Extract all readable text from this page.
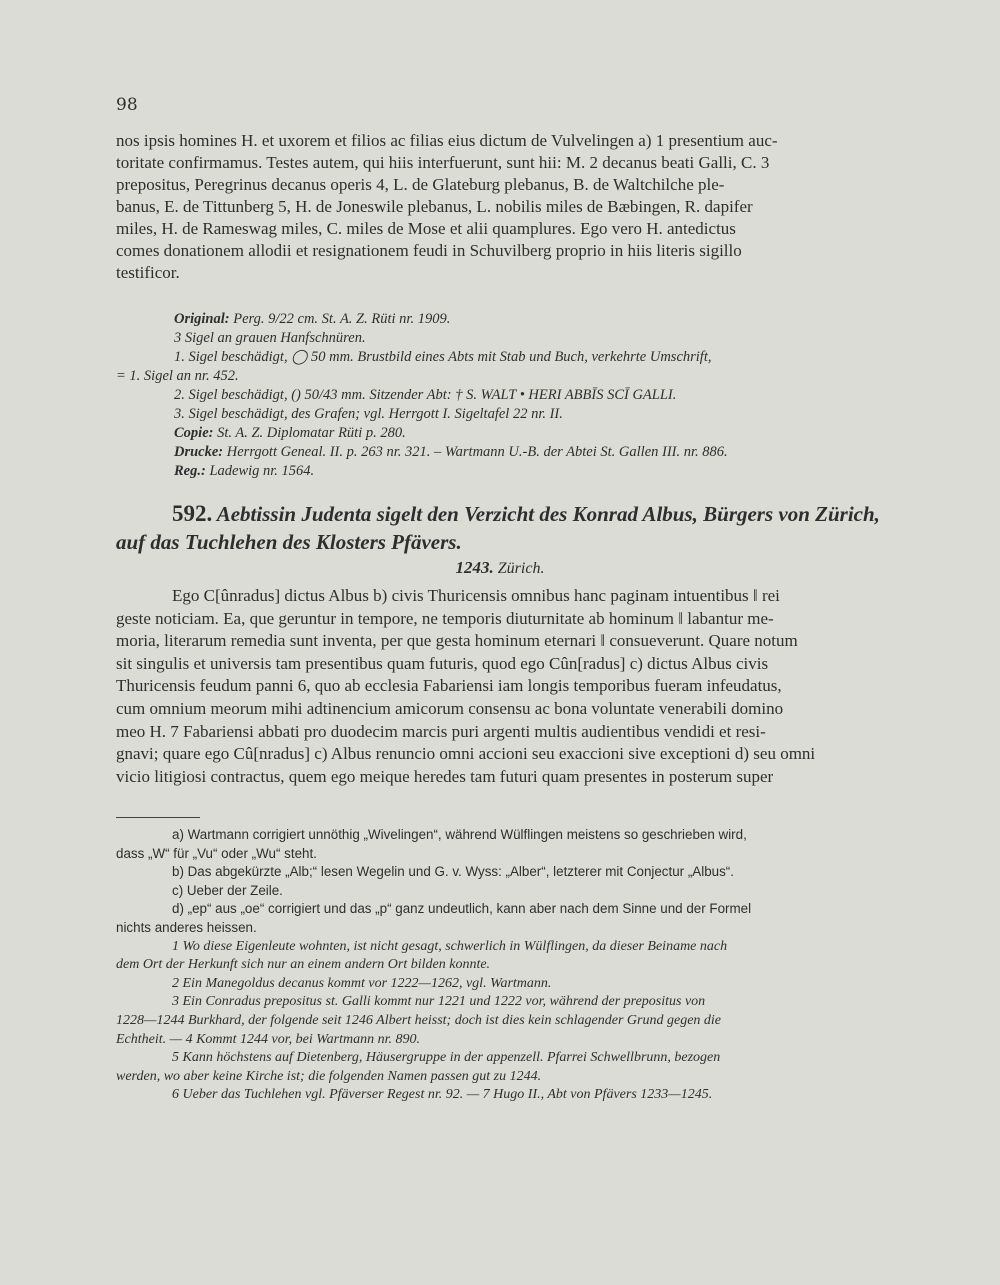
98

nos ipsis homines H. et uxorem et filios ac filias eius dictum de Vulvelingen a) 1 presentium auc-
toritate confirmamus. Testes autem, qui hiis interfuerunt, sunt hii: M. 2 decanus beati Galli, C. 3
prepositus, Peregrinus decanus operis 4, L. de Glateburg plebanus, B. de Waltchilche ple-
banus, E. de Tittunberg 5, H. de Joneswile plebanus, L. nobilis miles de Bæbingen, R. dapifer
miles, H. de Rameswag miles, C. miles de Mose et alii quamplures. Ego vero H. antedictus
comes donationem allodii et resignationem feudi in Schuvilberg proprio in hiis literis sigillo
testificor.

Original: Perg. 9/22 cm. St. A. Z. Rüti nr. 1909.
3 Sigel an grauen Hanfschnüren.
1. Sigel beschädigt, ◯ 50 mm. Brustbild eines Abts mit Stab und Buch, verkehrte Umschrift,
= 1. Sigel an nr. 452.
2. Sigel beschädigt, () 50/43 mm. Sitzender Abt: † S. WALT • HERI ABBĪS SCĪ GALLI.
3. Sigel beschädigt, des Grafen; vgl. Herrgott I. Sigeltafel 22 nr. II.
Copie: St. A. Z. Diplomatar Rüti p. 280.
Drucke: Herrgott Geneal. II. p. 263 nr. 321. – Wartmann U.-B. der Abtei St. Gallen III. nr. 886.
Reg.: Ladewig nr. 1564.
592. Aebtissin Judenta sigelt den Verzicht des Konrad Albus, Bürgers von Zürich,
auf das Tuchlehen des Klosters Pfävers.

1243. Zürich.

Ego C[ûnradus] dictus Albus b) civis Thuricensis omnibus hanc paginam intuentibus ‖ rei
geste noticiam. Ea, que geruntur in tempore, ne temporis diuturnitate ab hominum ‖ labantur me-
moria, literarum remedia sunt inventa, per que gesta hominum eternari ‖ consueverunt. Quare notum
sit singulis et universis tam presentibus quam futuris, quod ego Cûn[radus] c) dictus Albus civis
Thuricensis feudum panni 6, quo ab ecclesia Fabariensi iam longis temporibus fueram infeudatus,
cum omnium meorum mihi adtinencium amicorum consensu ac bona voluntate venerabili domino
meo H. 7 Fabariensi abbati pro duodecim marcis puri argenti multis audientibus vendidi et resi-
gnavi; quare ego Cû[nradus] c) Albus renuncio omni accioni seu exaccioni sive exceptioni d) seu omni
vicio litigiosi contractus, quem ego meique heredes tam futuri quam presentes in posterum super

a) Wartmann corrigiert unnöthig „Wivelingen“, während Wülflingen meistens so geschrieben wird,
dass „W“ für „Vu“ oder „Wu“ steht.
b) Das abgekürzte „Alb;“ lesen Wegelin und G. v. Wyss: „Alber“, letzterer mit Conjectur „Albus“.
c) Ueber der Zeile.
d) „ep“ aus „oe“ corrigiert und das „p“ ganz undeutlich, kann aber nach dem Sinne und der Formel
nichts anderes heissen.
1 Wo diese Eigenleute wohnten, ist nicht gesagt, schwerlich in Wülflingen, da dieser Beiname nach
dem Ort der Herkunft sich nur an einem andern Ort bilden konnte.
2 Ein Manegoldus decanus kommt vor 1222—1262, vgl. Wartmann.
3 Ein Conradus prepositus st. Galli kommt nur 1221 und 1222 vor, während der prepositus von
1228—1244 Burkhard, der folgende seit 1246 Albert heisst; doch ist dies kein schlagender Grund gegen die
Echtheit. — 4 Kommt 1244 vor, bei Wartmann nr. 890.
5 Kann höchstens auf Dietenberg, Häusergruppe in der appenzell. Pfarrei Schwellbrunn, bezogen
werden, wo aber keine Kirche ist; die folgenden Namen passen gut zu 1244.
6 Ueber das Tuchlehen vgl. Pfäverser Regest nr. 92. — 7 Hugo II., Abt von Pfävers 1233—1245.
